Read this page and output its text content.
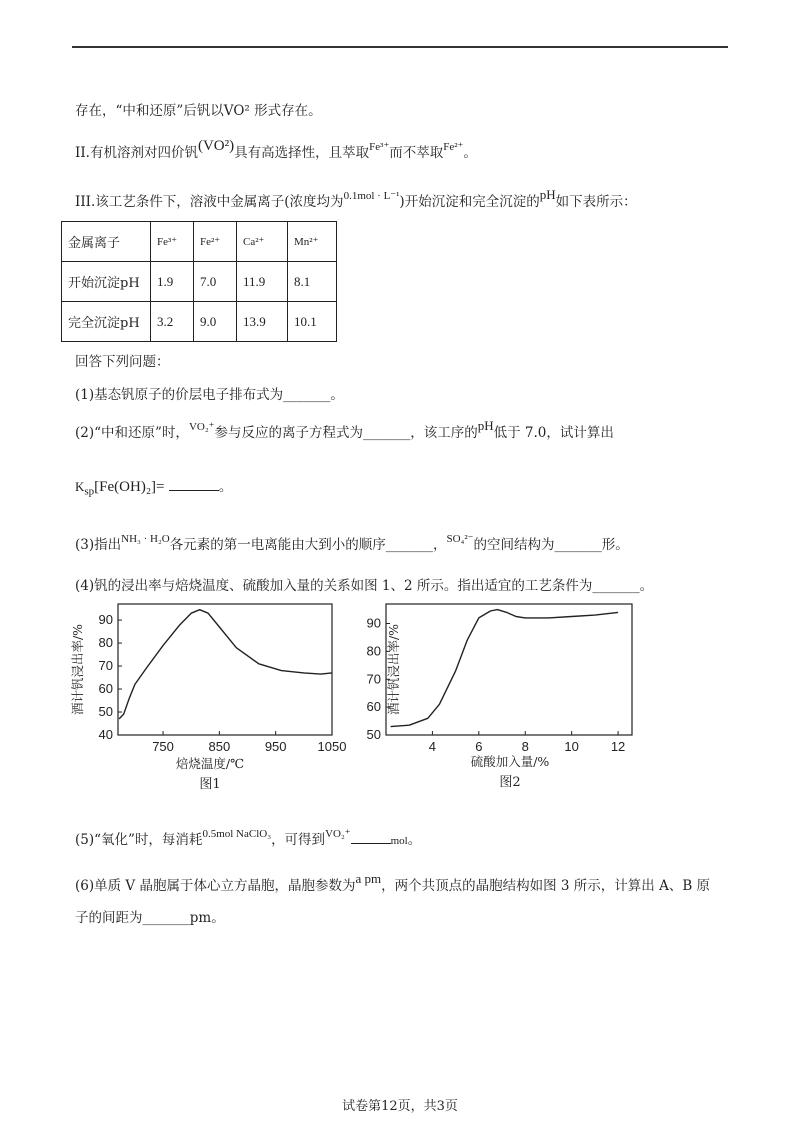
存在，“中和还原”后钒以VO² 形式存在。
II.有机溶剂对四价钒(VO²)具有高选择性，且萃取$^{Fe^{3+}}$而不萃取$^{Fe^{2+}}$。
III.该工艺条件下，溶液中金属离子(浓度均为$^{0.1mol \cdot L^{-1}}$)开始沉淀和完全沉淀的pH如下表所示：
金属离子	Fe³⁺	Fe²⁺	Ca²⁺	Mn²⁺
开始沉淀pH	1.9	7.0	11.9	8.1
完全沉淀pH	3.2	9.0	13.9	10.1
回答下列问题：
(1)基态钒原子的价层电子排布式为_______。
(2)“中和还原”时，$^{VO_2^+}$参与反应的离子方程式为_______，该工序的pH低于 7.0，试计算出
$K_{sp}[Fe(OH)_2]=$	。
(3)指出$^{NH_3 \cdot H_2O}$各元素的第一电离能由大到小的顺序_______，$^{SO_4^{2-}}$的空间结构为_______形。
(4)钒的浸出率与焙烧温度、硫酸加入量的关系如图 1、2 所示。指出适宜的工艺条件为_______。
750	850	950 1050
40
50
60
70
80
90
酒计钒浸出率/%
焙烧温度/℃
图1
4	6	8	10 12
50
60
70
80
90
酒计钒浸出率/%
硫酸加入量/%
图2
(5)“氧化”时，每消耗$^{0.5mol NaClO_3}$，可得到$^{VO_2^+}$mol。
(6)单质 V 晶胞属于体心立方晶胞，晶胞参数为a pm，两个共顶点的晶胞结构如图 3 所示，计算出 A、B 原
子的间距为_______pm。
试卷第12页，共3页
